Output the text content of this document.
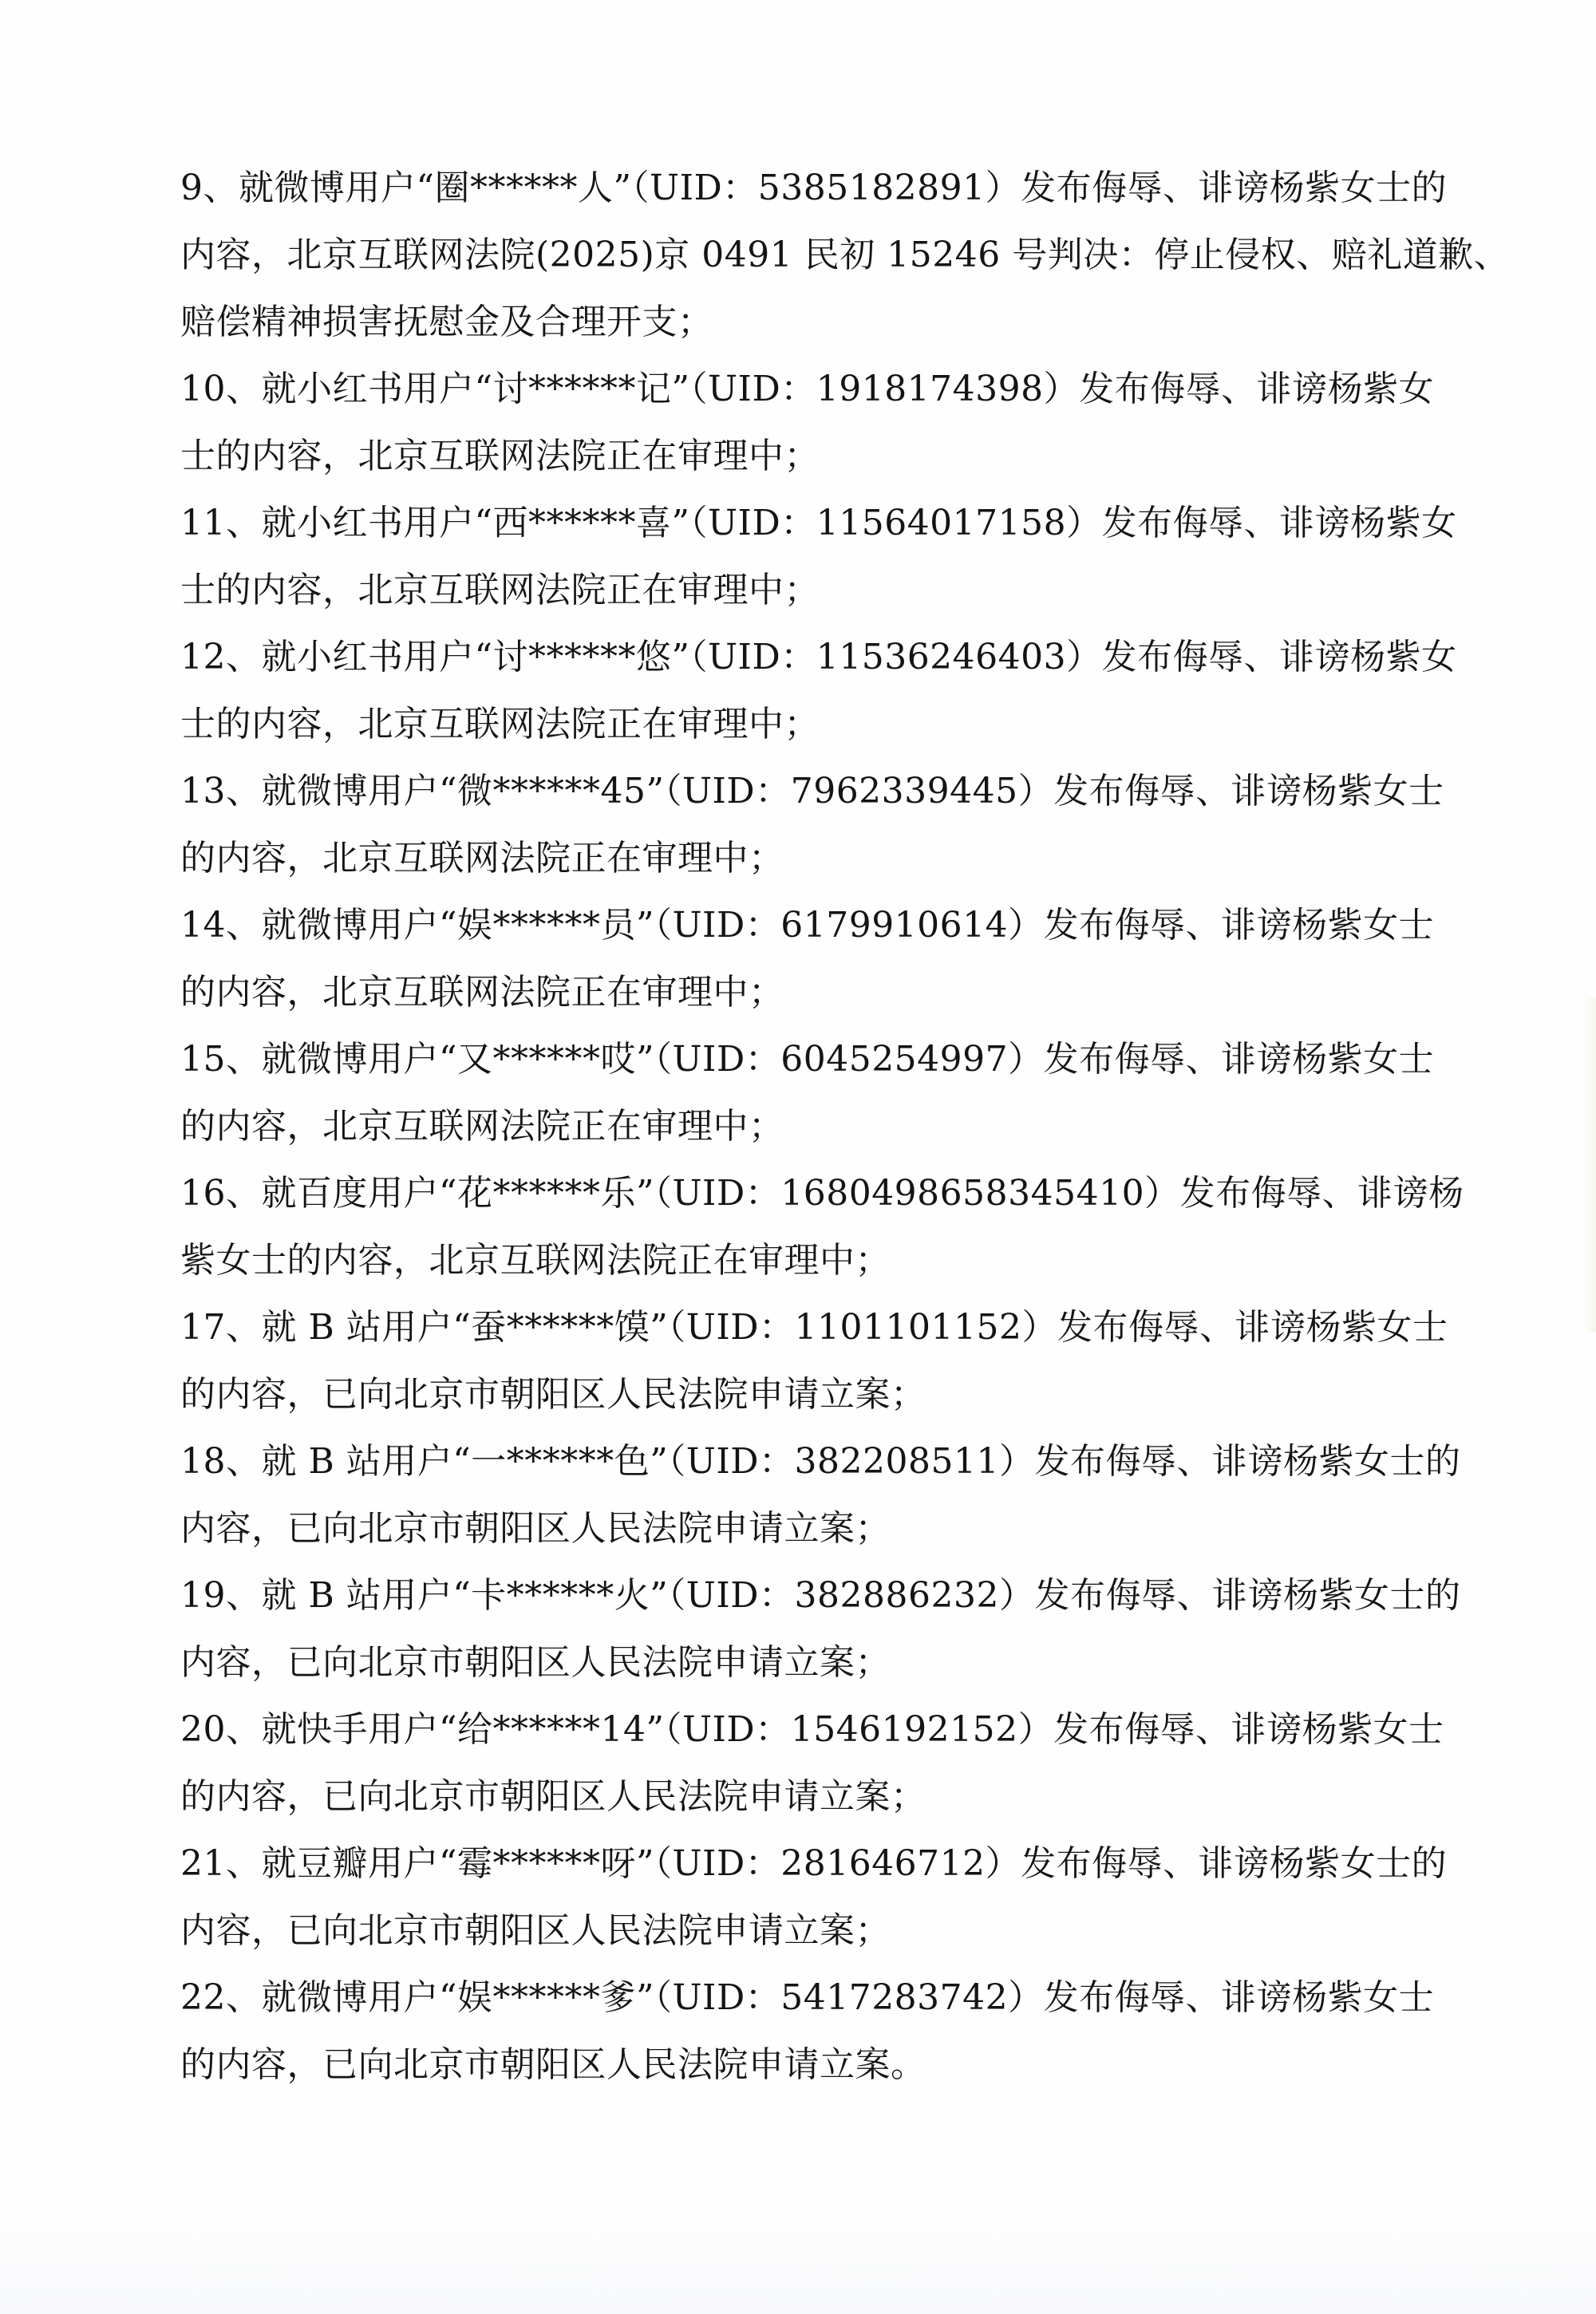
9、就微博用户“圈******人”（UID：5385182891）发布侮辱、诽谤杨紫女士的
内容，北京互联网法院(2025)京 0491 民初 15246 号判决：停止侵权、赔礼道歉、
赔偿精神损害抚慰金及合理开支；
10、就小红书用户“讨******记”（UID：1918174398）发布侮辱、诽谤杨紫女
士的内容，北京互联网法院正在审理中；
11、就小红书用户“西******喜”（UID：11564017158）发布侮辱、诽谤杨紫女
士的内容，北京互联网法院正在审理中；
12、就小红书用户“讨******悠”（UID：11536246403）发布侮辱、诽谤杨紫女
士的内容，北京互联网法院正在审理中；
13、就微博用户“微******45”（UID：7962339445）发布侮辱、诽谤杨紫女士
的内容，北京互联网法院正在审理中；
14、就微博用户“娱******员”（UID：6179910614）发布侮辱、诽谤杨紫女士
的内容，北京互联网法院正在审理中；
15、就微博用户“又******哎”（UID：6045254997）发布侮辱、诽谤杨紫女士
的内容，北京互联网法院正在审理中；
16、就百度用户“花******乐”（UID：1680498658345410）发布侮辱、诽谤杨
紫女士的内容，北京互联网法院正在审理中；
17、就 B 站用户“蚕******馍”（UID：1101101152）发布侮辱、诽谤杨紫女士
的内容，已向北京市朝阳区人民法院申请立案；
18、就 B 站用户“一******色”（UID：382208511）发布侮辱、诽谤杨紫女士的
内容，已向北京市朝阳区人民法院申请立案；
19、就 B 站用户“卡******火”（UID：382886232）发布侮辱、诽谤杨紫女士的
内容，已向北京市朝阳区人民法院申请立案；
20、就快手用户“给******14”（UID：1546192152）发布侮辱、诽谤杨紫女士
的内容，已向北京市朝阳区人民法院申请立案；
21、就豆瓣用户“霉******呀”（UID：281646712）发布侮辱、诽谤杨紫女士的
内容，已向北京市朝阳区人民法院申请立案；
22、就微博用户“娱******爹”（UID：5417283742）发布侮辱、诽谤杨紫女士
的内容，已向北京市朝阳区人民法院申请立案。
